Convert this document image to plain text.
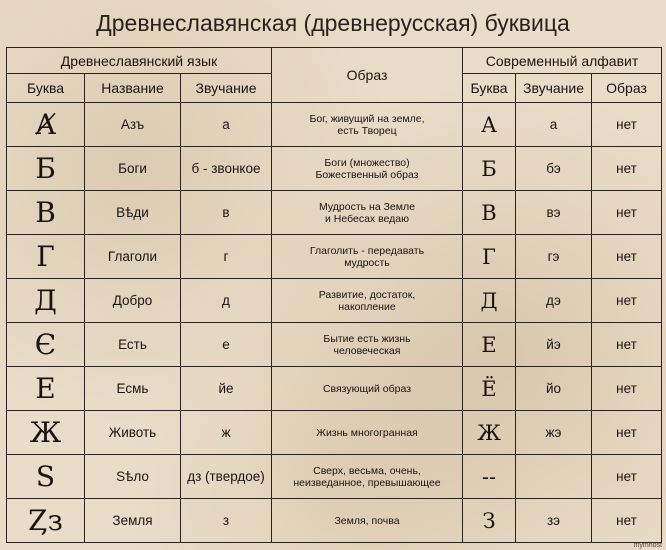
Древнеславянская (древнерусская) буквица
Древнеславянский язык			Образ	Современный алфавит		
Буква	Название	Звучание		Буква	Звучание	Образ
Ⱥ	Азъ	а	Бог, живущий на земле,
есть Творец	А	а	нет
Б	Боги	б - звонкое	Боги (множество)
Божественный образ	Б	бэ	нет
В	Вѣди	в	Мудрость на Земле
и Небесах ведаю	В	вэ	нет
Г	Глаголи	г	Глаголить - передавать
мудрость	Г	гэ	нет
Д	Добро	д	Развитие, достаток,
накопление	Д	дэ	нет
Є	Есть	е	Бытие есть жизнь
человеческая	Е	йэ	нет
Е	Есмь	йе	Связующий образ	Ё	йо	нет
Ж	Животь	ж	Жизнь многогранная	Ж	жэ	нет
Ѕ	Sѣло	дз (твердое)	Сверх, весьма, очень,
неизведанное, превышающее	--		нет
Ȥз	Земля	з	Земля, почва	З	зэ	нет
mymhost
